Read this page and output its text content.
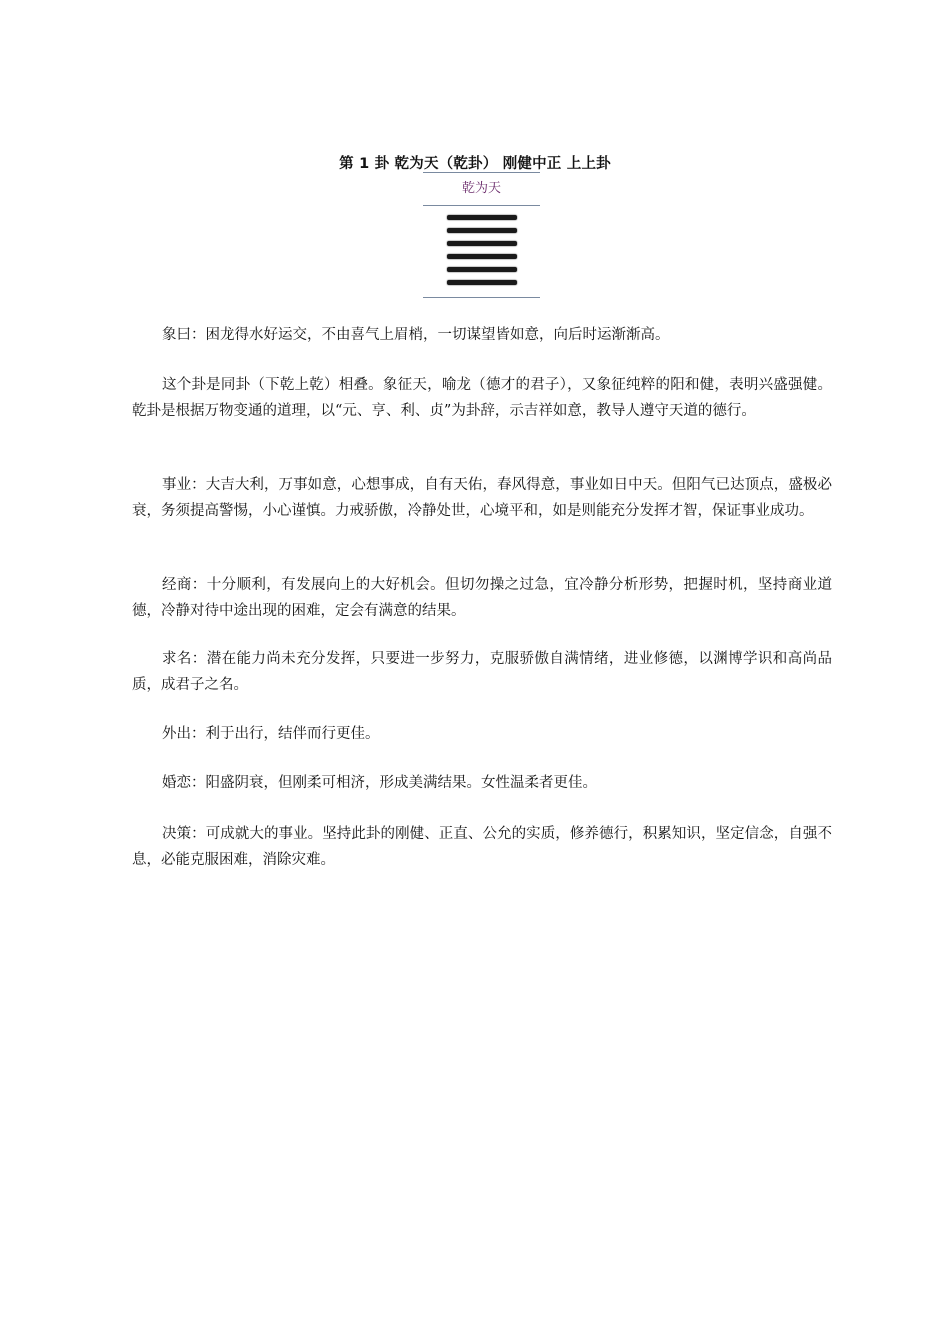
第 1 卦 乾为天（乾卦） 刚健中正 上上卦
乾为天

象曰：困龙得水好运交，不由喜气上眉梢，一切谋望皆如意，向后时运渐渐高。

这个卦是同卦（下乾上乾）相叠。象征天，喻龙（德才的君子），又象征纯粹的阳和健，表明兴盛强健。乾卦是根据万物变通的道理，以“元、亨、利、贞”为卦辞，示吉祥如意，教导人遵守天道的德行。

事业：大吉大利，万事如意，心想事成，自有天佑，春风得意，事业如日中天。但阳气已达顶点，盛极必衰，务须提高警惕，小心谨慎。力戒骄傲，冷静处世，心境平和，如是则能充分发挥才智，保证事业成功。

经商：十分顺利，有发展向上的大好机会。但切勿操之过急，宜冷静分析形势，把握时机，坚持商业道德，冷静对待中途出现的困难，定会有满意的结果。

求名：潜在能力尚未充分发挥，只要进一步努力，克服骄傲自满情绪，进业修德，以渊博学识和高尚品质，成君子之名。

外出：利于出行，结伴而行更佳。

婚恋：阳盛阴衰，但刚柔可相济，形成美满结果。女性温柔者更佳。

决策：可成就大的事业。坚持此卦的刚健、正直、公允的实质，修养德行，积累知识，坚定信念，自强不息，必能克服困难，消除灾难。
